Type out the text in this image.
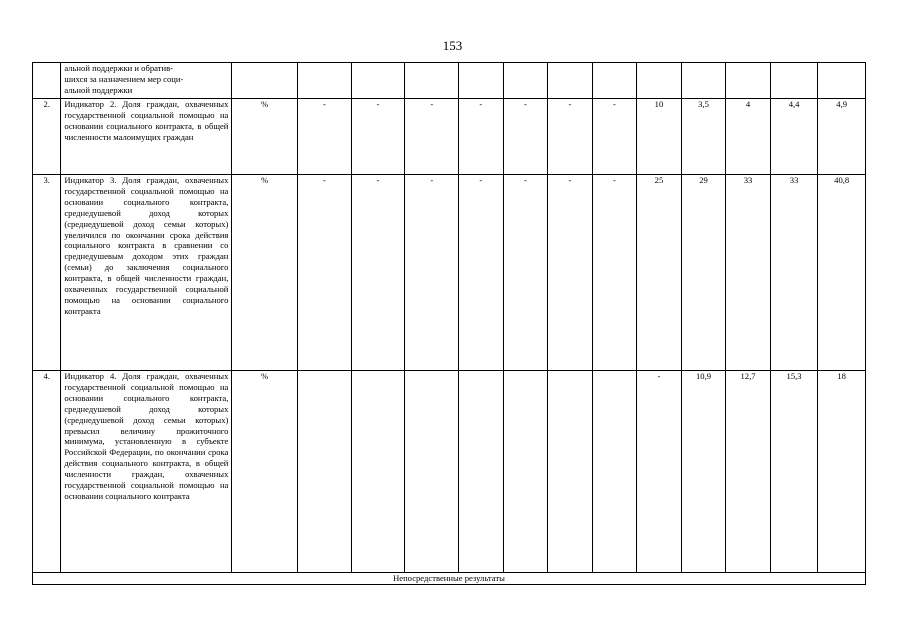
153
	альной поддержки и обратив-
шихся за назначением мер соци-
альной поддержки													
2.	Индикатор 2. Доля граждан, охваченных государственной социальной помощью на основании социального контракта, в общей численности малоимущих граждан	%	-	-	-	-	-	-	-	10	3,5	4	4,4	4,9
3.	Индикатор 3. Доля граждан, охваченных государственной социальной помощью на основании социального контракта, среднедушевой доход которых (среднедушевой доход семьи которых) увеличился по окончании срока действия социального контракта в сравнении со среднедушевым доходом этих граждан (семьи) до заключения социального контракта, в общей численности граждан, охваченных государственной социальной помощью на основании социального контракта	%	-	-	-	-	-	-	-	25	29	33	33	40,8
4.	Индикатор 4. Доля граждан, охваченных государственной социальной помощью на основании социального контракта, среднедушевой доход которых (среднедушевой доход семьи которых) превысил величину прожиточного минимума, установленную в субъекте Российской Федерации, по окончании срока действия социального контракта, в общей численности граждан, охваченных государственной социальной помощью на основании социального контракта	%								-	10,9	12,7	15,3	18
Непосредственные результаты														
